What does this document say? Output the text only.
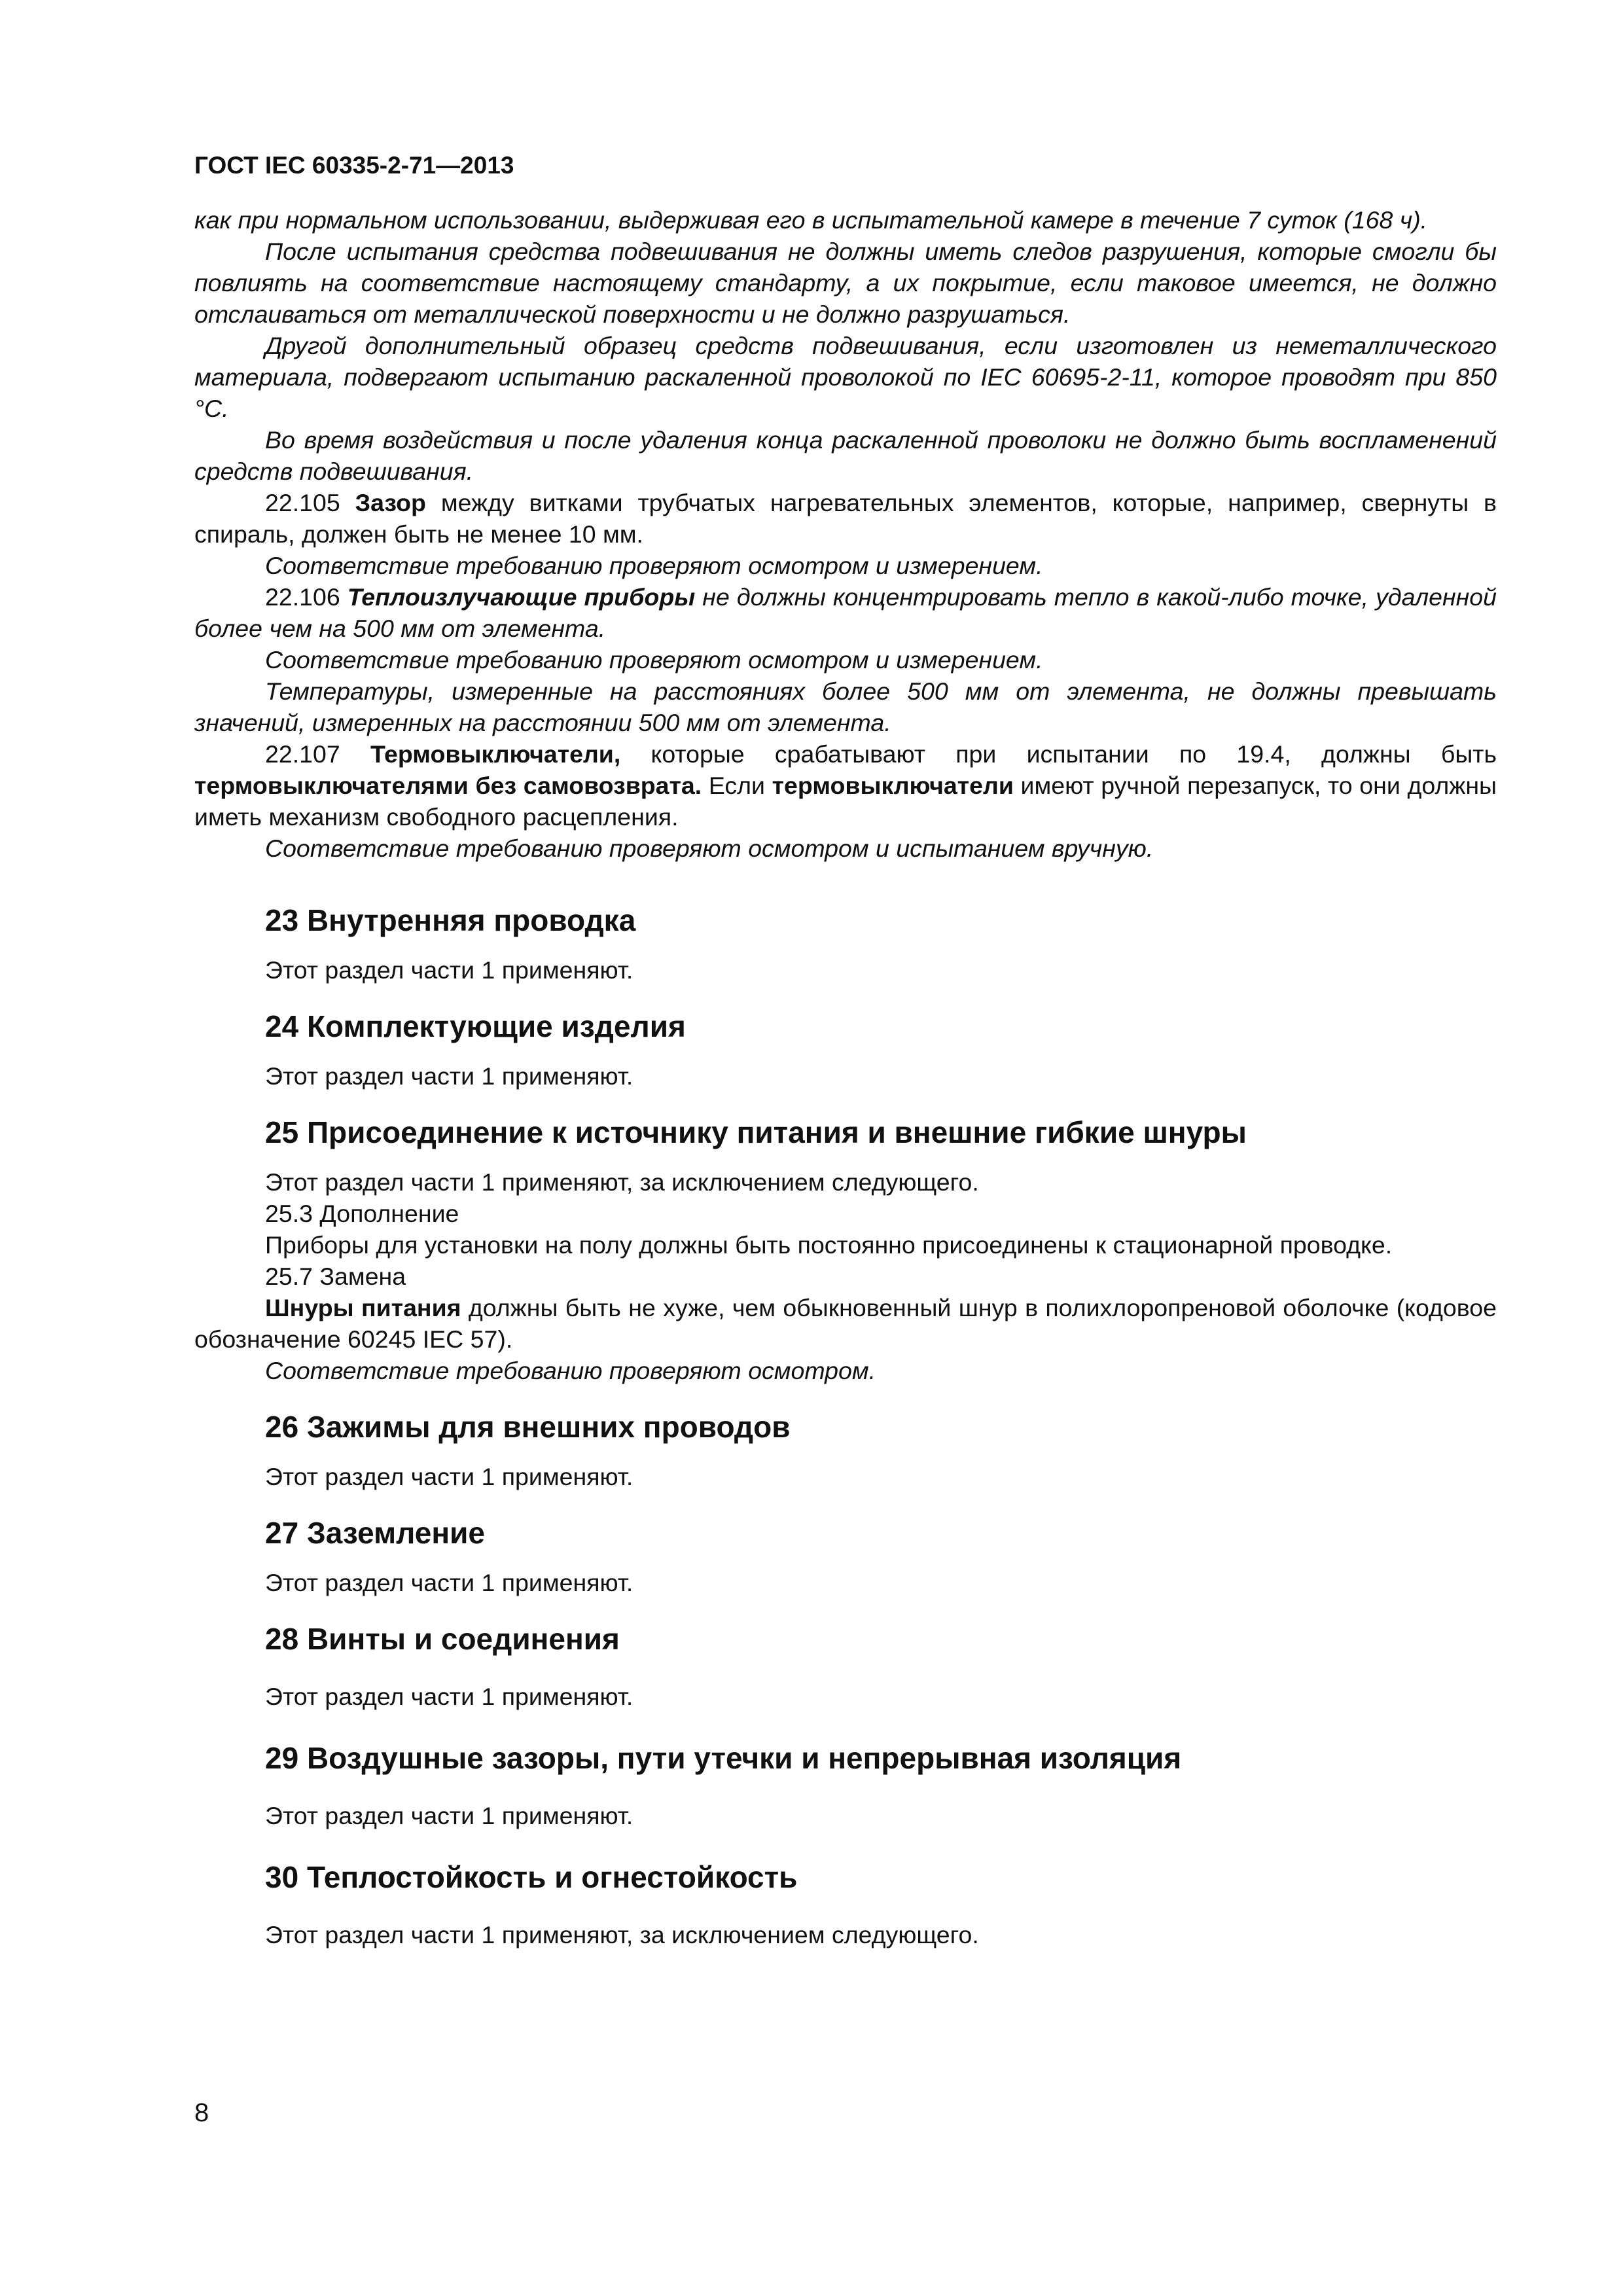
ГОСТ IEC 60335-2-71—2013

как при нормальном использовании, выдерживая его в испытательной камере в течение 7 суток (168 ч).

После испытания средства подвешивания не должны иметь следов разрушения, которые смогли бы повлиять на соответствие настоящему стандарту, а их покрытие, если таковое имеется, не должно отслаиваться от металлической поверхности и не должно разрушаться.

Другой дополнительный образец средств подвешивания, если изготовлен из неметаллического материала, подвергают испытанию раскаленной проволокой по IEC 60695-2-11, которое проводят при 850 °C.

Во время воздействия и после удаления конца раскаленной проволоки не должно быть воспламенений средств подвешивания.

22.105 Зазор между витками трубчатых нагревательных элементов, которые, например, свернуты в спираль, должен быть не менее 10 мм.

Соответствие требованию проверяют осмотром и измерением.

22.106 Теплоизлучающие приборы не должны концентрировать тепло в какой-либо точке, удаленной более чем на 500 мм от элемента.

Соответствие требованию проверяют осмотром и измерением.

Температуры, измеренные на расстояниях более 500 мм от элемента, не должны превышать значений, измеренных на расстоянии 500 мм от элемента.

22.107 Термовыключатели, которые срабатывают при испытании по 19.4, должны быть термовыключателями без самовозврата. Если термовыключатели имеют ручной перезапуск, то они должны иметь механизм свободного расцепления.

Соответствие требованию проверяют осмотром и испытанием вручную.

23 Внутренняя проводка

Этот раздел части 1 применяют.

24 Комплектующие изделия

Этот раздел части 1 применяют.

25 Присоединение к источнику питания и внешние гибкие шнуры

Этот раздел части 1 применяют, за исключением следующего.

25.3 Дополнение

Приборы для установки на полу должны быть постоянно присоединены к стационарной проводке.

25.7 Замена

Шнуры питания должны быть не хуже, чем обыкновенный шнур в полихлоропреновой оболочке (кодовое обозначение 60245 IEC 57).

Соответствие требованию проверяют осмотром.

26 Зажимы для внешних проводов

Этот раздел части 1 применяют.

27 Заземление

Этот раздел части 1 применяют.

28 Винты и соединения

Этот раздел части 1 применяют.

29 Воздушные зазоры, пути утечки и непрерывная изоляция

Этот раздел части 1 применяют.

30 Теплостойкость и огнестойкость

Этот раздел части 1 применяют, за исключением следующего.

8
